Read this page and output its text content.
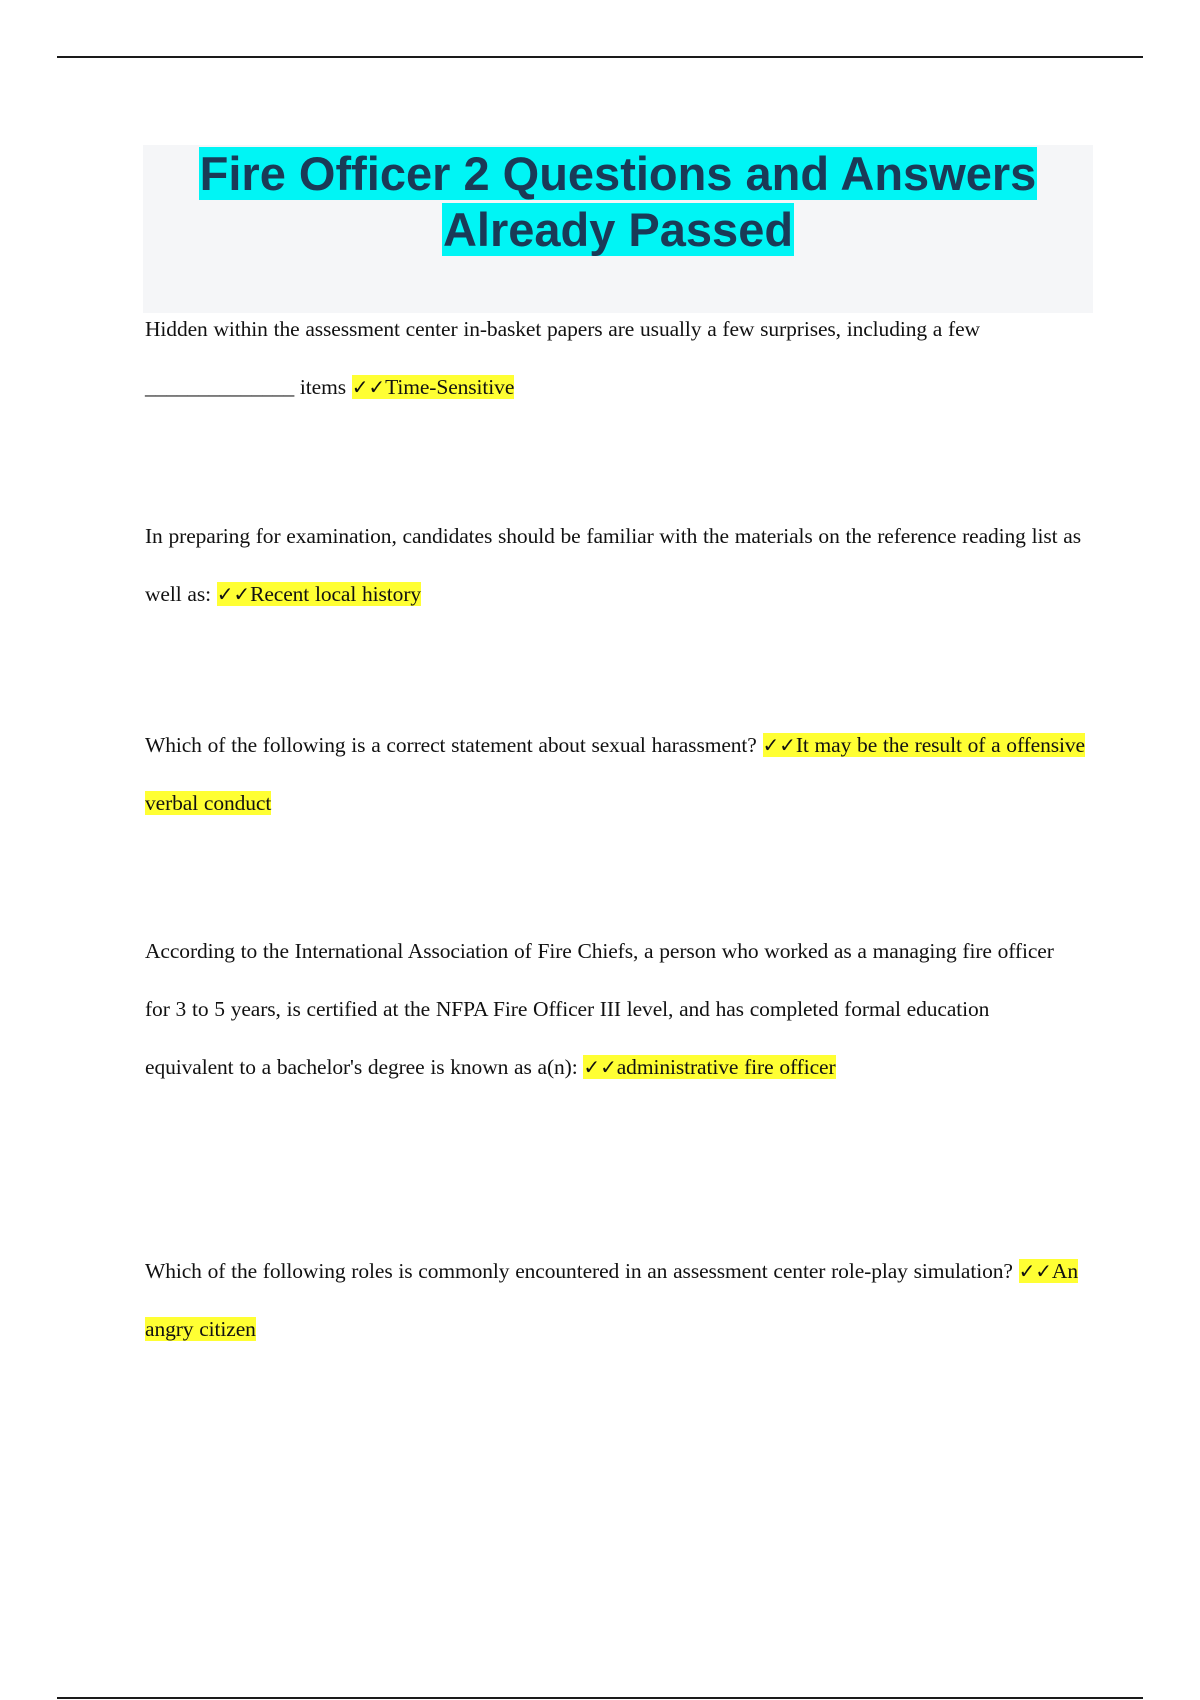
Fire Officer 2 Questions and Answers
Already Passed

Hidden within the assessment center in-basket papers are usually a few surprises, including a few ______________ items ✓✓Time-Sensitive

In preparing for examination, candidates should be familiar with the materials on the reference reading list as well as: ✓✓Recent local history

Which of the following is a correct statement about sexual harassment? ✓✓It may be the result of a offensive verbal conduct

According to the International Association of Fire Chiefs, a person who worked as a managing fire officer for 3 to 5 years, is certified at the NFPA Fire Officer III level, and has completed formal education equivalent to a bachelor's degree is known as a(n): ✓✓administrative fire officer

Which of the following roles is commonly encountered in an assessment center role-play simulation? ✓✓An angry citizen
